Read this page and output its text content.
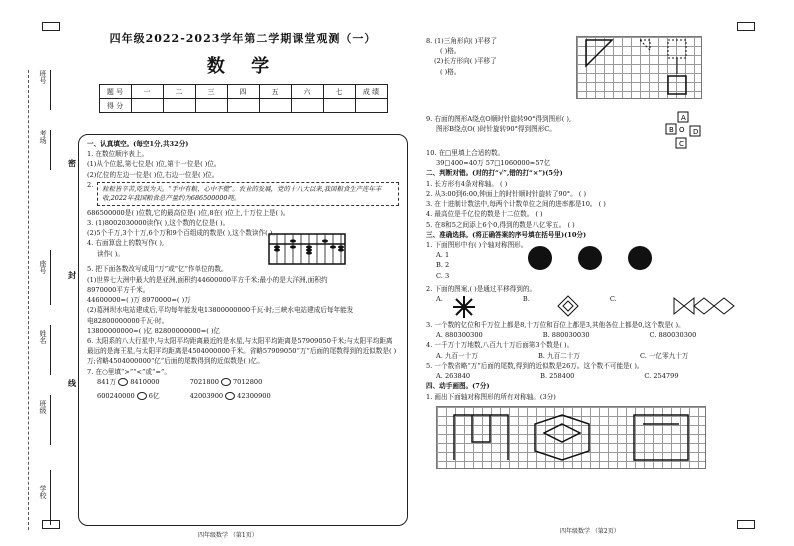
班号
考场
座号
姓名
班级
学校
密
封
线
四年级2022-2023学年第二学期课堂观测（一）
数 学
题 号	一	二	三	四	五	六	七	成 绩
得 分								
一、认真填空。(每空1分,共32分)
1. 在数位顺序表上。
(1)从个位起,第七位是( )位,第十一位是( )位。
(2)亿位的左边一位是( )位,右边一位是( )位。
2.	粒粒皆辛苦,吃饭为天。“手中有粮、心中不慌”。农业的发展，党的十八大以来,我国粮食生产连年丰收,2022年我国粮食总产量约为686500000吨。
686500000是( )位数,它的最高位是( )位,8在( )位上,十万位上是( )。
3. (1)8002030000读作( ),这个数的亿位是( )。
(2)5个千万,3个十万,6个万和9个百组成的数是( ),这个数读作( )。
4. 右面算盘上的数写作( ),
读作( )。
5. 把下面各数改写成用“万”或“亿”作单位的数。
(1)世界七大洲中最大的是亚洲,面积约44600000平方千米;最小的是大洋洲,面积约
8970000平方千米。
44600000=( )万 8970000=( )万
(2)葛洲坝水电站建成后,平均每年能发电13800000000千瓦·时;三峡水电站建成后每年能发
电82800000000千瓦·时。
13800000000=( )亿 82800000000=( )亿
6. 太阳系的八大行星中,与太阳平均距离最近的是水星,与太阳平均距离是57909050千米;与太阳平均距离最远的是海王星,与太阳平均距离是4504000000千米。省略57909050“万”后面的尾数得到的近似数是( )万;省略4504000000“亿”后面的尾数得到的近似数是( )亿。
7. 在○里填“>”“<”或“=”。
841万 8410000	7021800 7012800
600240000 6亿	42003900 42300900
四年级数学 （第1页）
8. (1)三角形向( )平移了
( )格。
(2)长方形向( )平移了
( )格。
9. 右面的图形A绕点O顺时针旋转90°得到图形( ),
图形B绕点O( )时针旋转90°得到图形C。
A
B O D
C
10. 在□里填上合适的数。
39□400≈40万 57□1060000≈57亿
二、判断对错。(对的打“√”,错的打“×”)(5分)
1. 长方形有4条对称轴。 ( )
2. 从3:00到6:00,钟面上的时针顺时针旋转了90°。 ( )
3. 在十进制计数法中,每两个计数单位之间的进率都是10。 ( )
4. 最高位是千亿位的数是十二位数。 ( )
5. 在8和5之间添上6个0,得到的数是八亿零五。 ( )
三、准确选择。(将正确答案的序号填在括号里)(10分)
1. 下面图形中有( )个轴对称图形。
A. 1
B. 2
C. 3

2. 下面的图案,( )是通过平移得到的。
A.	B.	C.
3. 一个数的亿位和千万位上都是8,十万位和百位上都是3,其他各位上都是0,这个数是( )。
A. 880300300	B. 880030030	C. 880030300
4. 一千万十万地数,八百九十万后面第3个数是( )。
A. 九百一十万	B. 九百二十万	C. 一亿零九十万
5. 一个数省略“万”后面的尾数,得到的近似数是26万。这个数不可能是( )。
A. 263840	B. 258400	C. 254799
四、动手画图。(7分)
1. 画出下面轴对称图形的所有对称轴。(3分)
四年级数学 （第2页）
